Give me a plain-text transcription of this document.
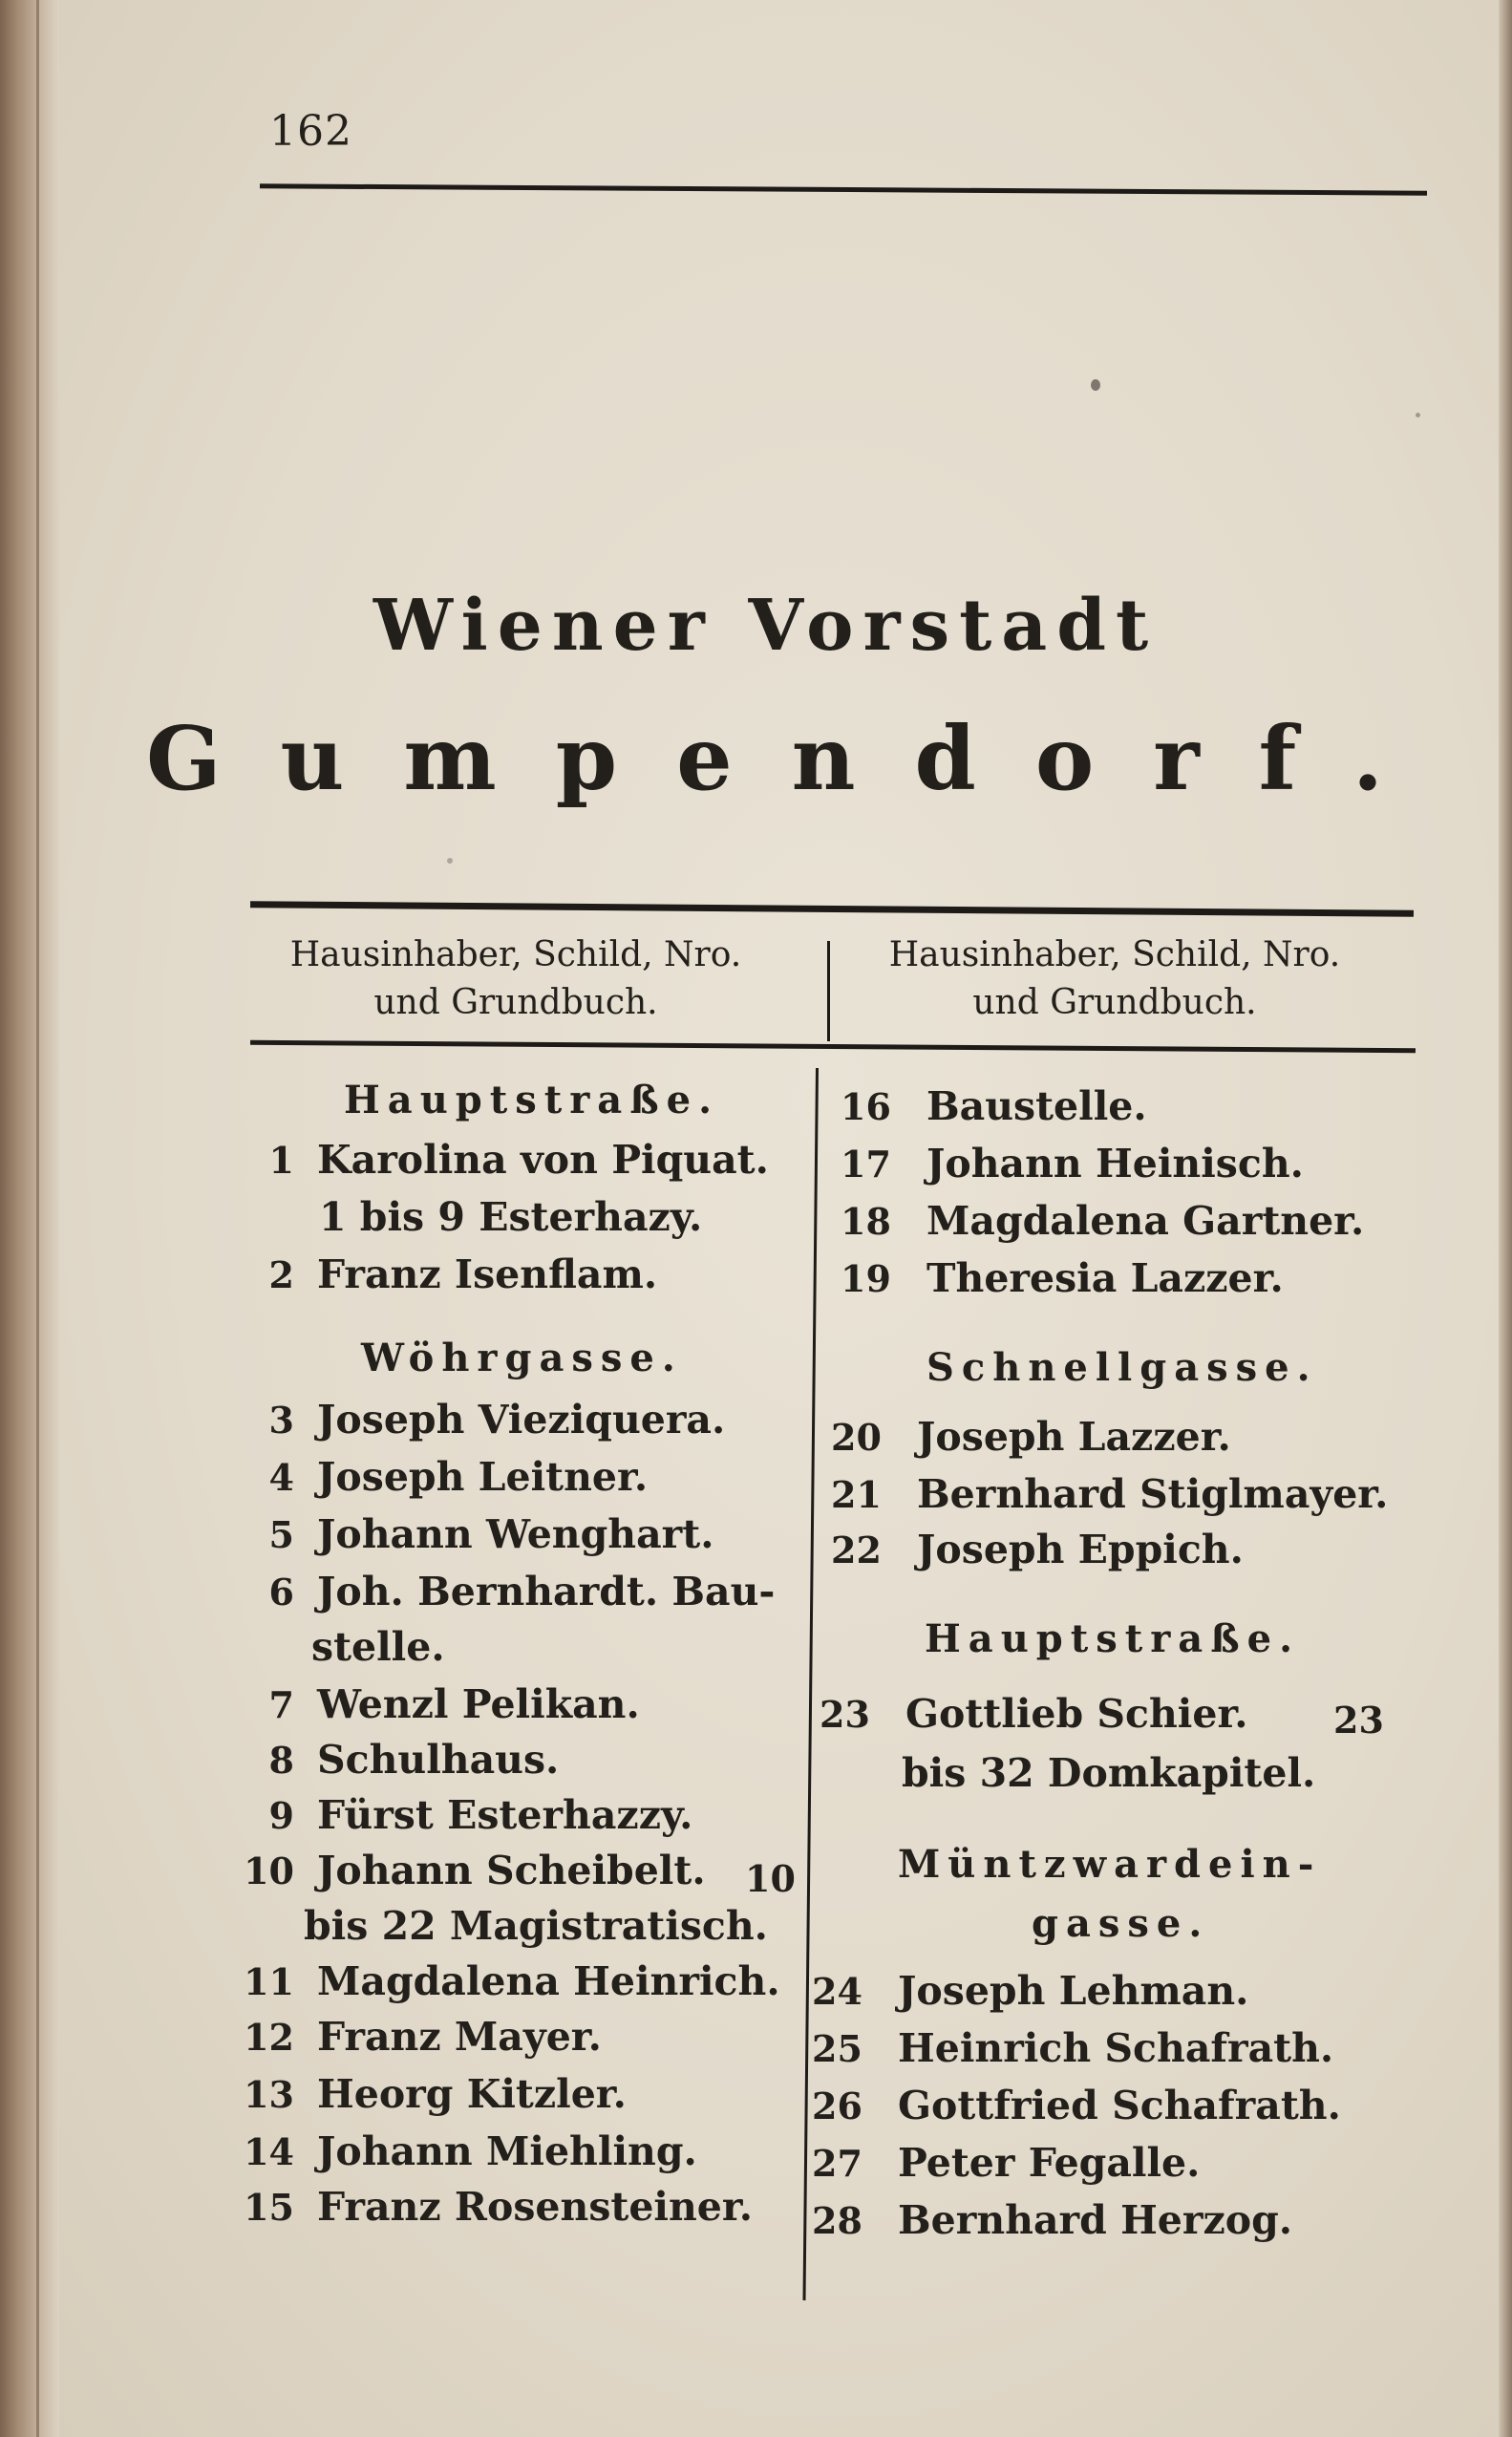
162
Wiener Vorstadt
Gumpendorf.
Hausinhaber, Schild, Nro.
und Grundbuch.
Hausinhaber, Schild, Nro.
und Grundbuch.
Hauptstraße.
1 Karolina von Piquat.
1 bis 9 Esterhazy.
2 Franz Isenflam.
Wöhrgasse.
3 Joseph Vieziquera.
4 Joseph Leitner.
5 Johann Wenghart.
6 Joh. Bernhardt. Bau-
stelle.
7 Wenzl Pelikan.
8 Schulhaus.
9 Fürst Esterhazzy.
10 Johann Scheibelt. 10
bis 22 Magistratisch.
11 Magdalena Heinrich.
12 Franz Mayer.
13 Heorg Kitzler.
14 Johann Miehling.
15 Franz Rosensteiner.
16 Baustelle.
17 Johann Heinisch.
18 Magdalena Gartner.
19 Theresia Lazzer.
Schnellgasse.
20 Joseph Lazzer.
21 Bernhard Stiglmayer.
22 Joseph Eppich.
Hauptstraße.
23 Gottlieb Schier. 23
bis 32 Domkapitel.
Müntzwardein-
gasse.
24 Joseph Lehman.
25 Heinrich Schafrath.
26 Gottfried Schafrath.
27 Peter Fegalle.
28 Bernhard Herzog.
